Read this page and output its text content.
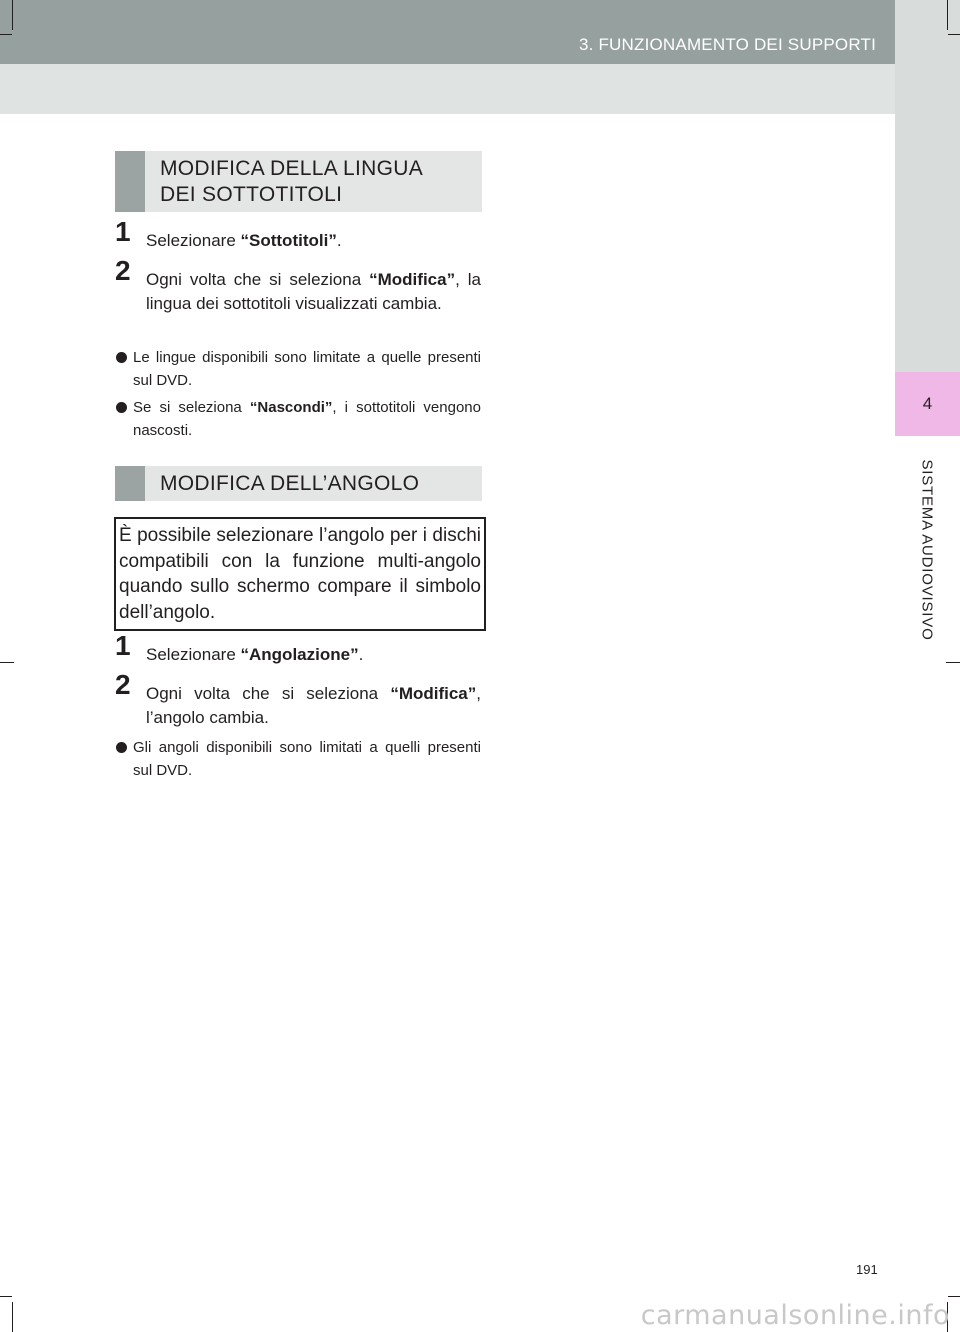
3. FUNZIONAMENTO DEI SUPPORTI
4
SISTEMA AUDIOVISIVO
MODIFICA DELLA LINGUA
DEI SOTTOTITOLI
1 Selezionare “Sottotitoli”.
2 Ogni volta che si seleziona “Modifica”, la lingua dei sottotitoli visualizzati cambia.
Le lingue disponibili sono limitate a quelle presenti sul DVD.
Se si seleziona “Nascondi”, i sottotitoli vengono nascosti.
MODIFICA DELL’ANGOLO
È possibile selezionare l’angolo per i dischi compatibili con la funzione multi-angolo quando sullo schermo compare il simbolo dell’angolo.
1 Selezionare “Angolazione”.
2 Ogni volta che si seleziona “Modifica”, l’angolo cambia.
Gli angoli disponibili sono limitati a quelli presenti sul DVD.
191
carmanualsonline.info
